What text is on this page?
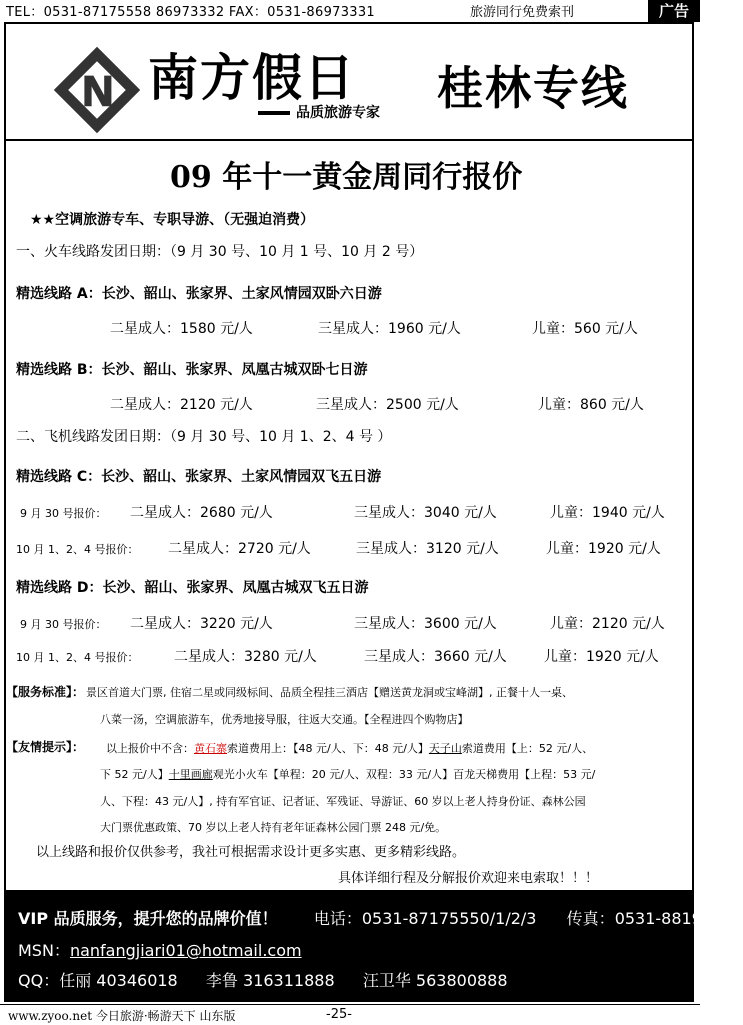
TEL：0531-87175558 86973332 FAX：0531-86973331	旅游同行免费索刊	广告
南方假日
品质旅游专家 桂林专线
09 年十一黄金周同行报价
★★空调旅游专车、专职导游、（无强迫消费）
一、火车线路发团日期：（9 月 30 号、10 月 1 号、10 月 2 号）
精选线路 A：长沙、韶山、张家界、土家风情园双卧六日游
二星成人：1580 元/人	三星成人：1960 元/人	儿童：560 元/人
精选线路 B：长沙、韶山、张家界、凤凰古城双卧七日游
二星成人：2120 元/人	三星成人：2500 元/人	儿童：860 元/人
二、飞机线路发团日期：（9 月 30 号、10 月 1、2、4 号 ）
精选线路 C：长沙、韶山、张家界、土家风情园双飞五日游
9 月 30 号报价： 二星成人：2680 元/人	三星成人：3040 元/人	儿童：1940 元/人
10 月 1、2、4 号报价： 二星成人：2720 元/人	三星成人：3120 元/人	儿童：1920 元/人
精选线路 D：长沙、韶山、张家界、凤凰古城双飞五日游
9 月 30 号报价： 二星成人：3220 元/人	三星成人：3600 元/人	儿童：2120 元/人
10 月 1、2、4 号报价：	二星成人：3280 元/人	三星成人：3660 元/人	儿童：1920 元/人
【服务标准】： 景区首道大门票, 住宿二星或同级标间、品质全程挂三酒店【赠送黄龙洞或宝峰湖】, 正餐十人一桌、
八菜一汤，空调旅游车，优秀地接导服，往返大交通。【全程进四个购物店】
【友情提示】： 以上报价中不含：黄石寨索道费用上：【48 元/人、下：48 元/人】天子山索道费用【上：52 元/人、
下 52 元/人】十里画廊观光小火车【单程：20 元/人、双程：33 元/人】百龙天梯费用【上程：53 元/
人、下程：43 元/人】, 持有军官证、记者证、军残证、导游证、60 岁以上老人持身份证、森林公园
大门票优惠政策、70 岁以上老人持有老年证森林公园门票 248 元/免。
以上线路和报价仅供参考，我社可根据需求设计更多实惠、更多精彩线路。
具体详细行程及分解报价欢迎来电索取！！！
VIP 品质服务，提升您的品牌价值！ 电话：0531-87175550/1/2/3 传真：0531-88193331
MSN：nanfangjiari01@hotmail.com
QQ：任丽 40346018 李鲁 316311888 汪卫华 563800888
www.zyoo.net 今日旅游·畅游天下 山东版	-25-
